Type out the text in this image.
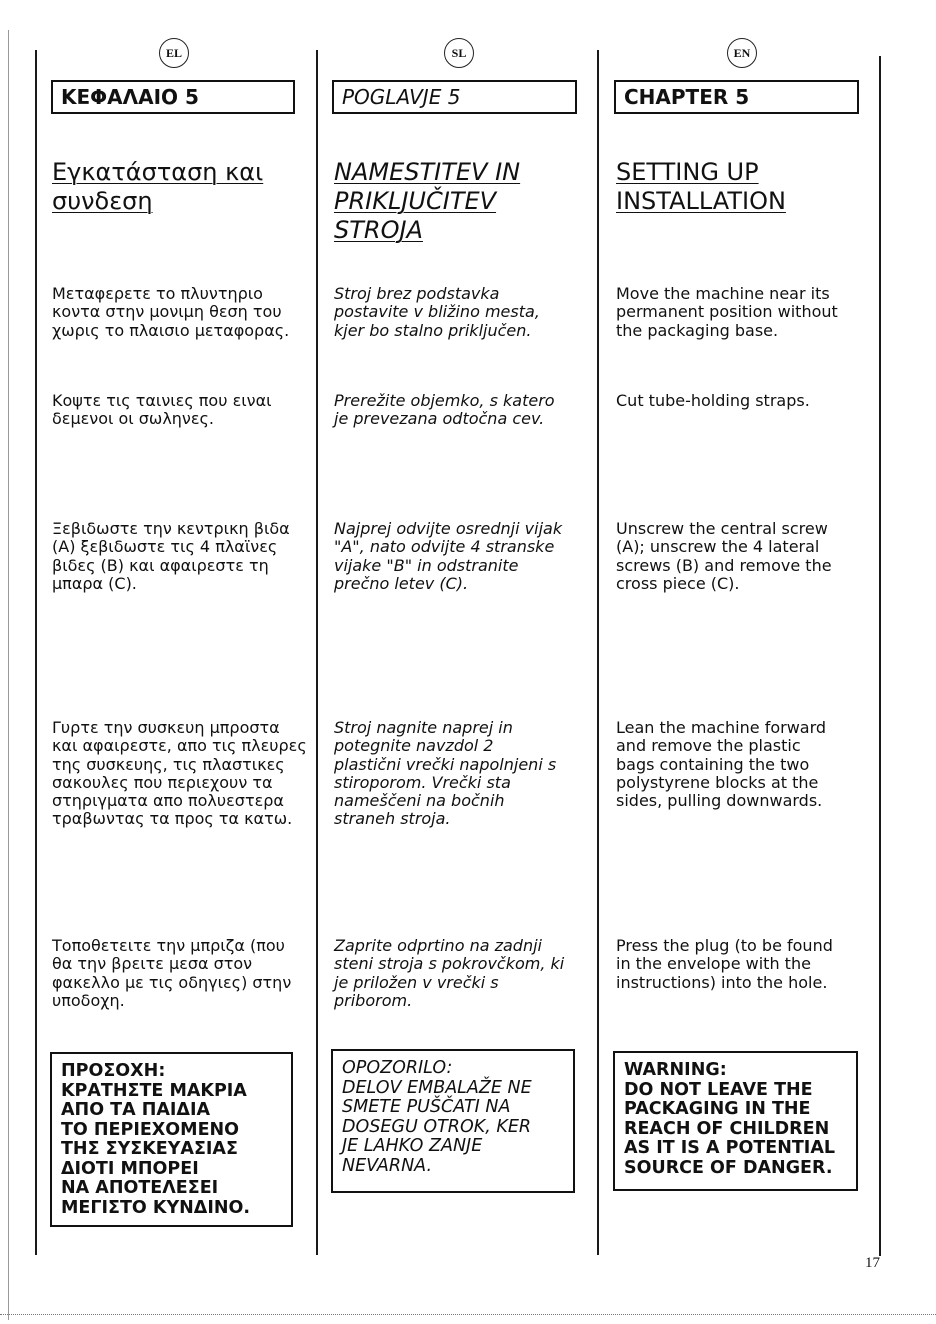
EL
ΚΕΦΑΛΑΙΟ 5
Εγκατάσταση και
συνδεση
Μεταφερετε το πλυντηριο
κοντα στην μονιμη θεση του
χωρις το πλαισιο μεταφορας.
Κοψτε τις ταινιες που ειναι
δεμενοι οι σωληνες.
Ξεβιδωστε την κεντρικη βιδα
(A) ξεβιδωστε τις 4 πλαϊνες
βιδες (B) και αφαιρεστε τη
μπαρα (C).
Γυρτε την συσκευη μπροστα
και αφαιρεστε, απο τις πλευρες
της συσκευης, τις πλαστικες
σακουλες που περιεχουν τα
στηριγματα απο πολυεστερα
τραβωντας τα προς τα κατω.
Τοποθετειτε την μπριζα (που
θα την βρειτε μεσα στον
φακελλο με τις οδηγιες) στην
υποδοχη.
ΠΡΟΣΟΧΗ:
ΚΡΑΤΗΣΤΕ ΜΑΚΡΙΑ
ΑΠΟ ΤΑ ΠΑΙΔΙΑ
ΤΟ ΠΕΡΙΕΧΟΜΕΝΟ
ΤΗΣ ΣΥΣΚΕΥΑΣΙΑΣ
ΔΙΟΤΙ ΜΠΟΡΕΙ
ΝΑ ΑΠΟΤΕΛΕΣΕΙ
ΜΕΓΙΣΤΟ ΚΥΝΔΙΝΟ.
SL
POGLAVJE 5
NAMESTITEV IN
PRIKLJUČITEV
STROJA
Stroj brez podstavka
postavite v bližino mesta,
kjer bo stalno priključen.
Prerežite objemko, s katero
je prevezana odtočna cev.
Najprej odvijte osrednji vijak
"A", nato odvijte 4 stranske
vijake "B" in odstranite
prečno letev (C).
Stroj nagnite naprej in
potegnite navzdol 2
plastični vrečki napolnjeni s
stiroporom. Vrečki sta
nameščeni na bočnih
straneh stroja.
Zaprite odprtino na zadnji
steni stroja s pokrovčkom, ki
je priložen v vrečki s
priborom.
OPOZORILO:
DELOV EMBALAŽE NE
SMETE PUŠČATI NA
DOSEGU OTROK, KER
JE LAHKO ZANJE
NEVARNA.
EN
CHAPTER 5
SETTING UP
INSTALLATION
Move the machine near its
permanent position without
the packaging base.
Cut tube-holding straps.
Unscrew the central screw
(A); unscrew the 4 lateral
screws (B) and remove the
cross piece (C).
Lean the machine forward
and remove the plastic
bags containing the two
polystyrene blocks at the
sides, pulling downwards.
Press the plug (to be found
in the envelope with the
instructions) into the hole.
WARNING:
DO NOT LEAVE THE
PACKAGING IN THE
REACH OF CHILDREN
AS IT IS A POTENTIAL
SOURCE OF DANGER.
17
